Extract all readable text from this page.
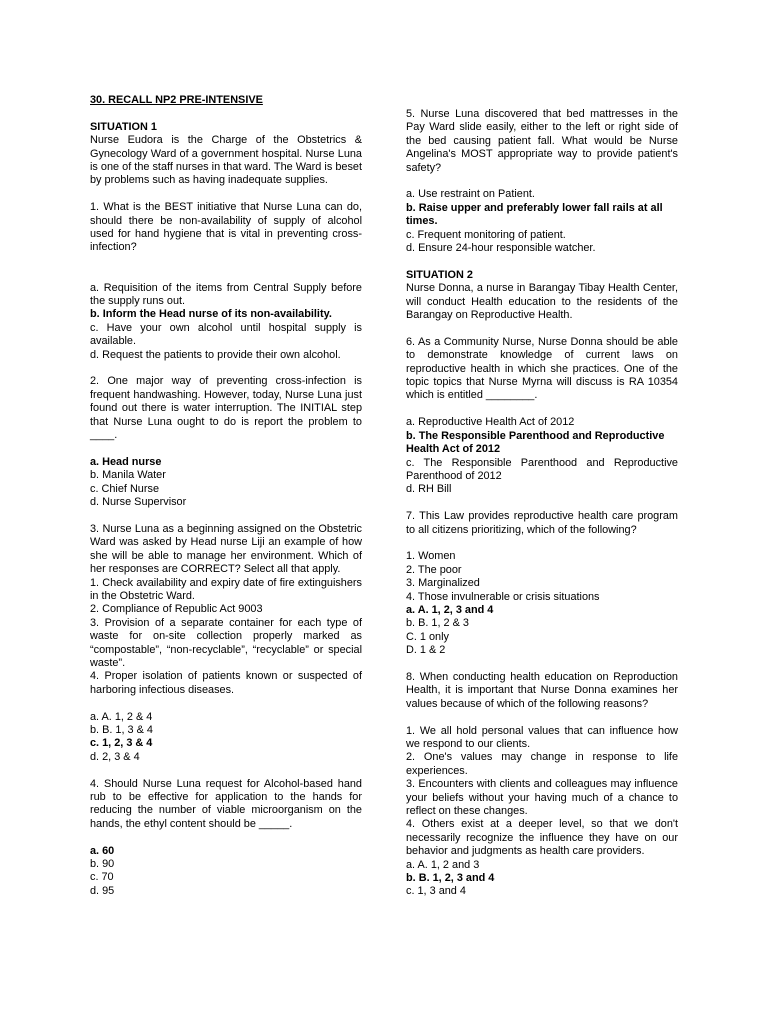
30. RECALL NP2 PRE-INTENSIVE

SITUATION 1

Nurse Eudora is the Charge of the Obstetrics & Gynecology Ward of a government hospital. Nurse Luna is one of the staff nurses in that ward. The Ward is beset by problems such as having inadequate supplies.

1. What is the BEST initiative that Nurse Luna can do, should there be non-availability of supply of alcohol used for hand hygiene that is vital in preventing cross-infection?

a. Requisition of the items from Central Supply before the supply runs out.

b. Inform the Head nurse of its non-availability.

c. Have your own alcohol until hospital supply is available.

d. Request the patients to provide their own alcohol.

2. One major way of preventing cross-infection is frequent handwashing. However, today, Nurse Luna just found out there is water interruption. The INITIAL step that Nurse Luna ought to do is report the problem to ____.

a. Head nurse

b. Manila Water

c. Chief Nurse

d. Nurse Supervisor

3. Nurse Luna as a beginning assigned on the Obstetric Ward was asked by Head nurse Liji an example of how she will be able to manage her environment. Which of her responses are CORRECT? Select all that apply.

1. Check availability and expiry date of fire extinguishers in the Obstetric Ward.

2. Compliance of Republic Act 9003

3. Provision of a separate container for each type of waste for on-site collection properly marked as “compostable”, “non-recyclable”, “recyclable” or special waste”.

4. Proper isolation of patients known or suspected of harboring infectious diseases.

a. A. 1, 2 & 4

b. B. 1, 3 & 4

c. 1, 2, 3 & 4

d. 2, 3 & 4

4. Should Nurse Luna request for Alcohol-based hand rub to be effective for application to the hands for reducing the number of viable microorganism on the hands, the ethyl content should be _____.

a. 60

b. 90

c. 70

d. 95

5. Nurse Luna discovered that bed mattresses in the Pay Ward slide easily, either to the left or right side of the bed causing patient fall. What would be Nurse Angelina's MOST appropriate way to provide patient's safety?

a. Use restraint on Patient.

b. Raise upper and preferably lower fall rails at all times.

c. Frequent monitoring of patient.

d. Ensure 24-hour responsible watcher.

SITUATION 2

Nurse Donna, a nurse in Barangay Tibay Health Center, will conduct Health education to the residents of the Barangay on Reproductive Health.

6. As a Community Nurse, Nurse Donna should be able to demonstrate knowledge of current laws on reproductive health in which she practices. One of the topic topics that Nurse Myrna will discuss is RA 10354 which is entitled ________.

a. Reproductive Health Act of 2012

b. The Responsible Parenthood and Reproductive Health Act of 2012

c. The Responsible Parenthood and Reproductive Parenthood of 2012

d. RH Bill

7. This Law provides reproductive health care program to all citizens prioritizing, which of the following?

1. Women

2. The poor

3. Marginalized

4. Those invulnerable or crisis situations

a. A. 1, 2, 3 and 4

b. B. 1, 2 & 3

C. 1 only

D. 1 & 2

8. When conducting health education on Reproduction Health, it is important that Nurse Donna examines her values because of which of the following reasons?

1. We all hold personal values that can influence how we respond to our clients.

2. One's values may change in response to life experiences.

3. Encounters with clients and colleagues may influence your beliefs without your having much of a chance to reflect on these changes.

4. Others exist at a deeper level, so that we don't necessarily recognize the influence they have on our behavior and judgments as health care providers.

a. A. 1, 2 and 3

b. B. 1, 2, 3 and 4

c. 1, 3 and 4
